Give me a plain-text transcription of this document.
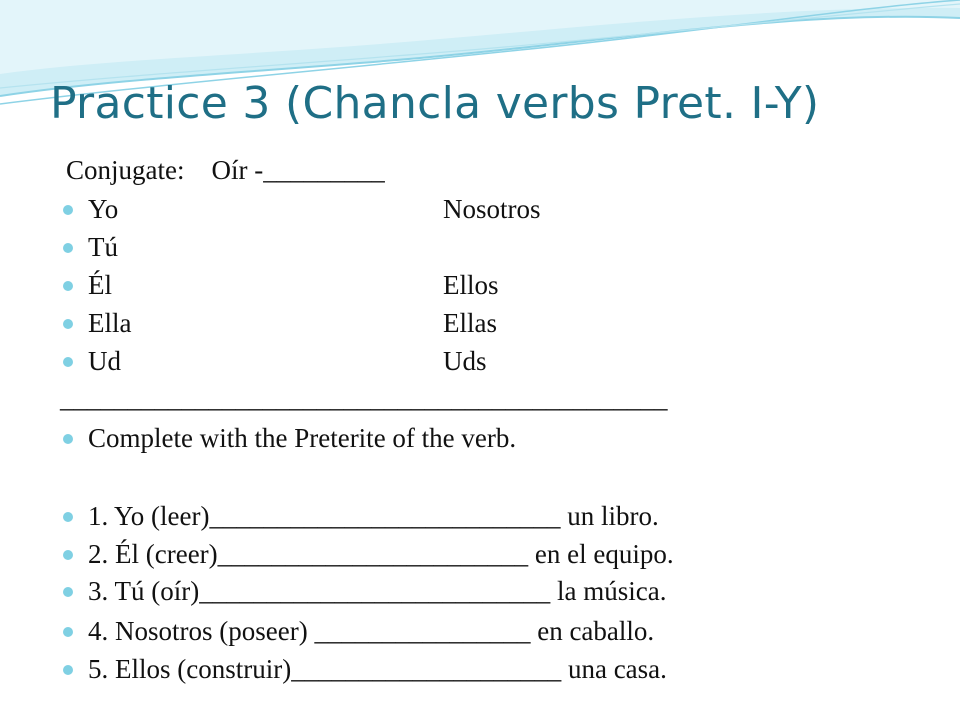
Practice 3 (Chancla verbs Pret. I-Y)
Conjugate:    Oír -_________
Yo	Nosotros
Tú
Él	Ellos
Ella	Ellas
Ud	Uds
_____________________________________________
Complete with the Preterite of the verb.
1. Yo (leer)__________________________ un libro.
2. Él (creer)_______________________ en el equipo.
3. Tú (oír)__________________________ la música.
4. Nosotros (poseer) ________________ en caballo.
5. Ellos (construir)____________________ una casa.
